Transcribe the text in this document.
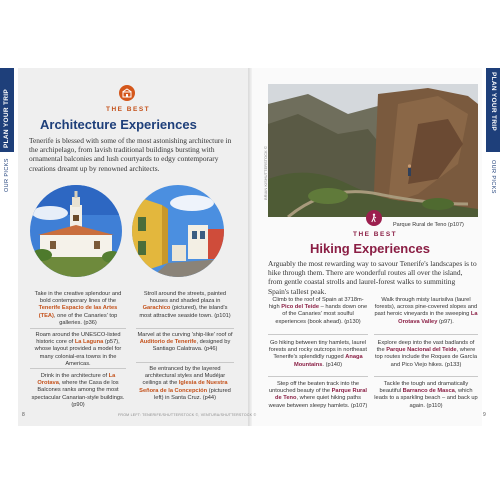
PLAN YOUR TRIP
OUR PICKS
PLAN YOUR TRIP
OUR PICKS
THE BEST
Architecture Experiences
Tenerife is blessed with some of the most astonishing architecture in the archipelago, from lavish traditional buildings bursting with ornamental balconies and lush courtyards to edgy contemporary creations dreamt up by renowned architects.
Take in the creative splendour and bold contemporary lines of the Tenerife Espacio de las Artes (TEA), one of the Canaries' top galleries. (p36)
Stroll around the streets, painted houses and shaded plaza in Garachico (pictured), the island's most attractive seaside town. (p101)
Roam around the UNESCO-listed historic core of La Laguna (p57), whose layout provided a model for many colonial-era towns in the Americas.
Marvel at the curving 'ship-like' roof of Auditorio de Tenerife, designed by Santiago Calatrava. (p46)
Drink in the architecture of La Orotava, where the Casa de los Balcones ranks among the most spectacular Canarian-style buildings. (p90)
Be entranced by the layered architectural styles and Mudéjar ceilings at the Iglesia de Nuestra Señora de la Concepción (pictured left) in Santa Cruz. (p44)
8	FROM LEFT: TENERIFE/SHUTTERSTOCK ©, VENTURA/SHUTTERSTOCK ©
BRIAN K/SHUTTERSTOCK ©
Parque Rural de Teno (p107)
THE BEST
Hiking Experiences
Arguably the most rewarding way to savour Tenerife's landscapes is to hike through them. There are wonderful routes all over the island, from gentle coastal strolls and laurel-forest walks to summiting Spain's tallest peak.
Climb to the roof of Spain at 3718m-high Pico del Teide – hands down one of the Canaries' most soulful experiences (book ahead). (p130)
Walk through misty laurisilva (laurel forests), across pine-covered slopes and past heroic vineyards in the sweeping La Orotava Valley (p97).
Go hiking between tiny hamlets, laurel forests and rocky outcrops in northeast Tenerife's splendidly rugged Anaga Mountains. (p140)
Explore deep into the vast badlands of the Parque Nacional del Teide, where top routes include the Roques de García and Pico Viejo hikes. (p133)
Step off the beaten track into the untouched beauty of the Parque Rural de Teno, where quiet hiking paths weave between sleepy hamlets. (p107)
Tackle the tough and dramatically beautiful Barranco de Masca, which leads to a sparkling beach – and back up again. (p110)
9
